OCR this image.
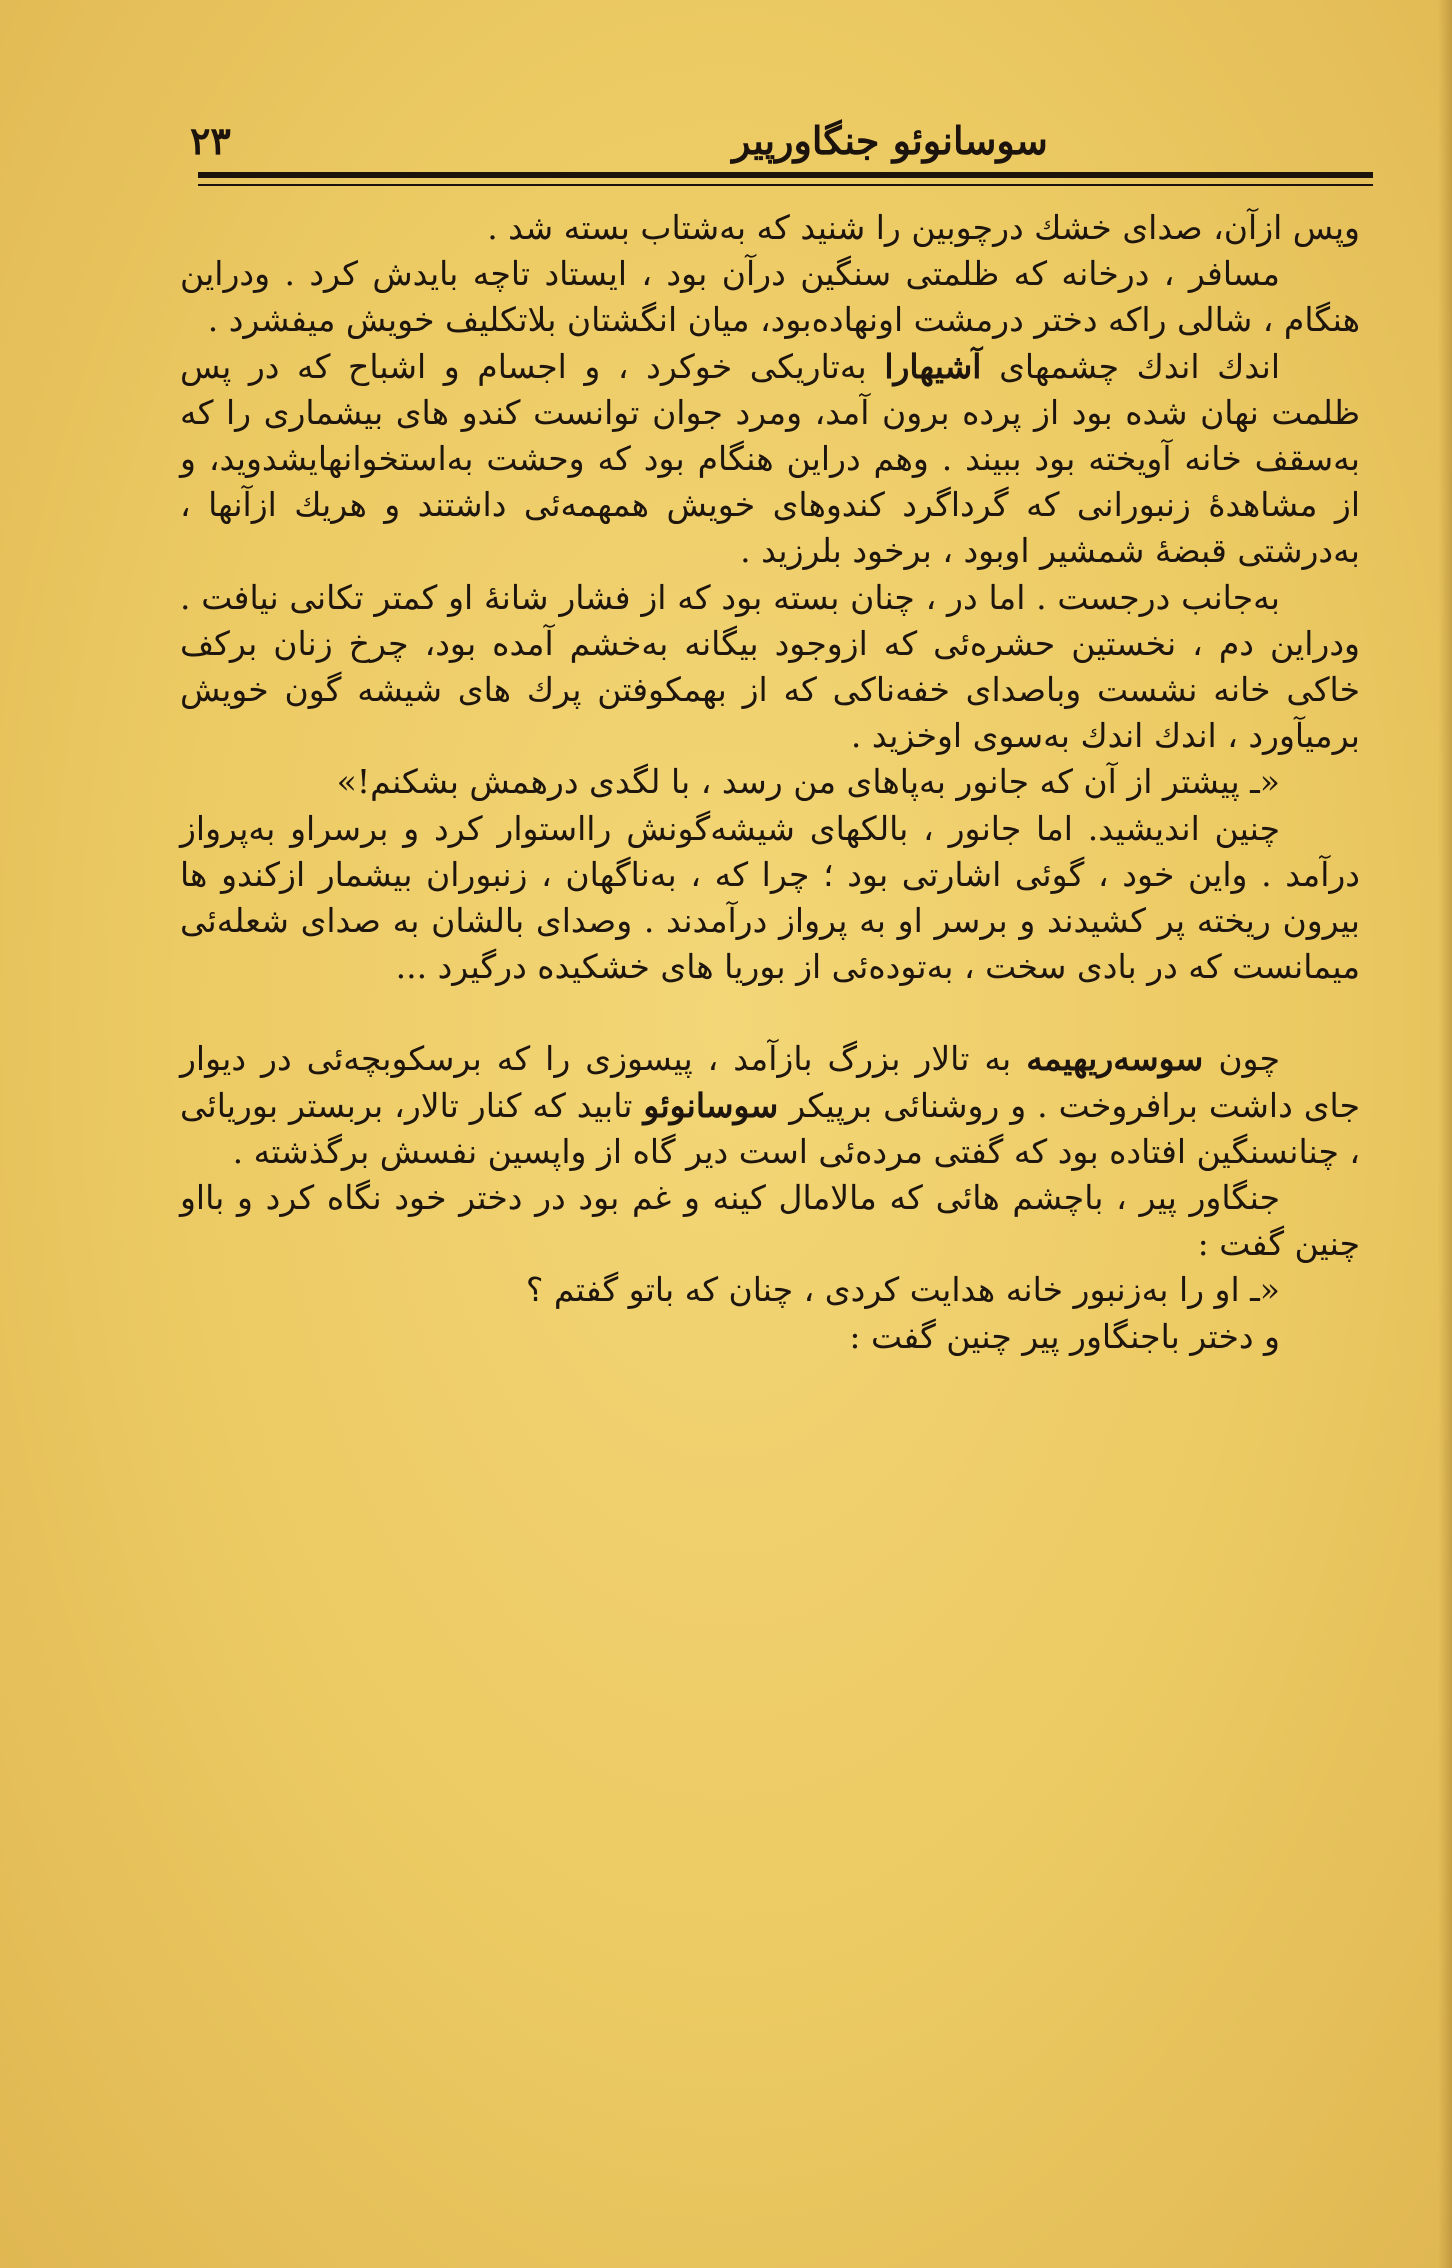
٢٣	سوسانوئو جنگاورپیر

وپس ازآن، صدای خشك درچوبین را شنید که بەشتاب بسته شد .

مسافر ، درخانه که ظلمتی سنگین درآن بود ، ایستاد تاچه بایدش کرد . ودراین هنگام ، شالی راکه دختر درمشت اونهادەبود، میان انگشتان بلاتکلیف خویش میفشرد .

اندك اندك چشمهای آشیهارا بەتاریکی خوکرد ، و اجسام و اشباح که در پس ظلمت نهان شده بود از پرده برون آمد، ومرد جوان توانست کندو های بیشماری را که بەسقف خانه آویخته بود ببیند . وهم دراین هنگام بود که وحشت بەاستخوانهایشدوید، و از مشاهدۀ زنبورانی که گرداگرد کندوهای خویش همهمەئی داشتند و هریك ازآنها ، بەدرشتی قبضۀ شمشیر اوبود ، برخود بلرزید .

بەجانب درجست . اما در ، چنان بسته بود که از فشار شانۀ او کمتر تکانی نیافت . ودراین دم ، نخستین حشرەئی که ازوجود بیگانه بەخشم آمده بود، چرخ زنان برکف خاکی خانه نشست وباصدای خفەناکی که از بهمکوفتن پرك های شیشه گون خویش برمیآورد ، اندك اندك بەسوی اوخزید .

«ـ پیشتر از آن که جانور بەپاهای من رسد ، با لگدی درهمش بشکنم!»

چنین اندیشید. اما جانور ، بالكهای شیشەگونش رااستوار کرد و برسراو بەپرواز درآمد . واین خود ، گوئی اشارتی بود ؛ چرا که ، بەناگهان ، زنبوران بیشمار ازکندو ها بیرون ریخته پر کشیدند و برسر او به پرواز درآمدند . وصدای بالشان به صدای شعلەئی میمانست که در بادی سخت ، بەتودەئی از بوریا های خشکیده درگیرد ...

چون سوسەریهیمه به تالار بزرگ بازآمد ، پیسوزی را که برسکوبچەئی در دیوار جای داشت برافروخت . و روشنائی برپیکر سوسانوئو تابید که کنار تالار، بربستر بوریائی ، چنانسنگین افتاده بود که گفتی مردەئی است دیر گاه از واپسین نفسش برگذشته .

جنگاور پیر ، باچشم هائی که مالامال کینه و غم بود در دختر خود نگاه کرد و بااو چنین گفت :

«ـ او را بەزنبور خانه هدایت کردی ، چنان که باتو گفتم ؟

و دختر باجنگاور پیر چنین گفت :
